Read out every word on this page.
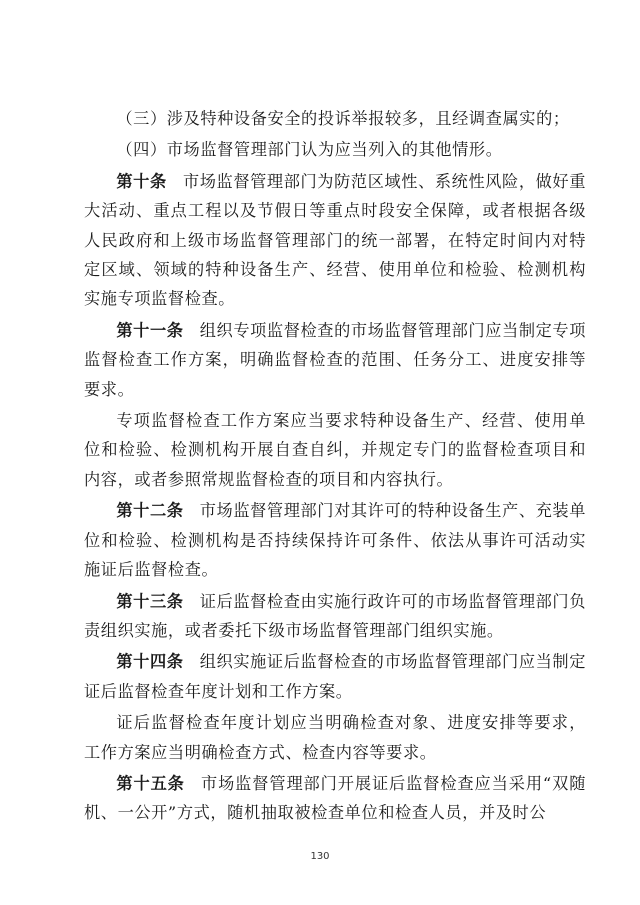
（三）涉及特种设备安全的投诉举报较多，且经调查属实的；

（四）市场监督管理部门认为应当列入的其他情形。

第十条 市场监督管理部门为防范区域性、系统性风险，做好重大活动、重点工程以及节假日等重点时段安全保障，或者根据各级人民政府和上级市场监督管理部门的统一部署，在特定时间内对特定区域、领域的特种设备生产、经营、使用单位和检验、检测机构实施专项监督检查。

第十一条 组织专项监督检查的市场监督管理部门应当制定专项监督检查工作方案，明确监督检查的范围、任务分工、进度安排等要求。

专项监督检查工作方案应当要求特种设备生产、经营、使用单位和检验、检测机构开展自查自纠，并规定专门的监督检查项目和内容，或者参照常规监督检查的项目和内容执行。

第十二条 市场监督管理部门对其许可的特种设备生产、充装单位和检验、检测机构是否持续保持许可条件、依法从事许可活动实施证后监督检查。

第十三条 证后监督检查由实施行政许可的市场监督管理部门负责组织实施，或者委托下级市场监督管理部门组织实施。

第十四条 组织实施证后监督检查的市场监督管理部门应当制定证后监督检查年度计划和工作方案。

证后监督检查年度计划应当明确检查对象、进度安排等要求，工作方案应当明确检查方式、检查内容等要求。

第十五条 市场监督管理部门开展证后监督检查应当采用“双随机、一公开”方式，随机抽取被检查单位和检查人员，并及时公

130
